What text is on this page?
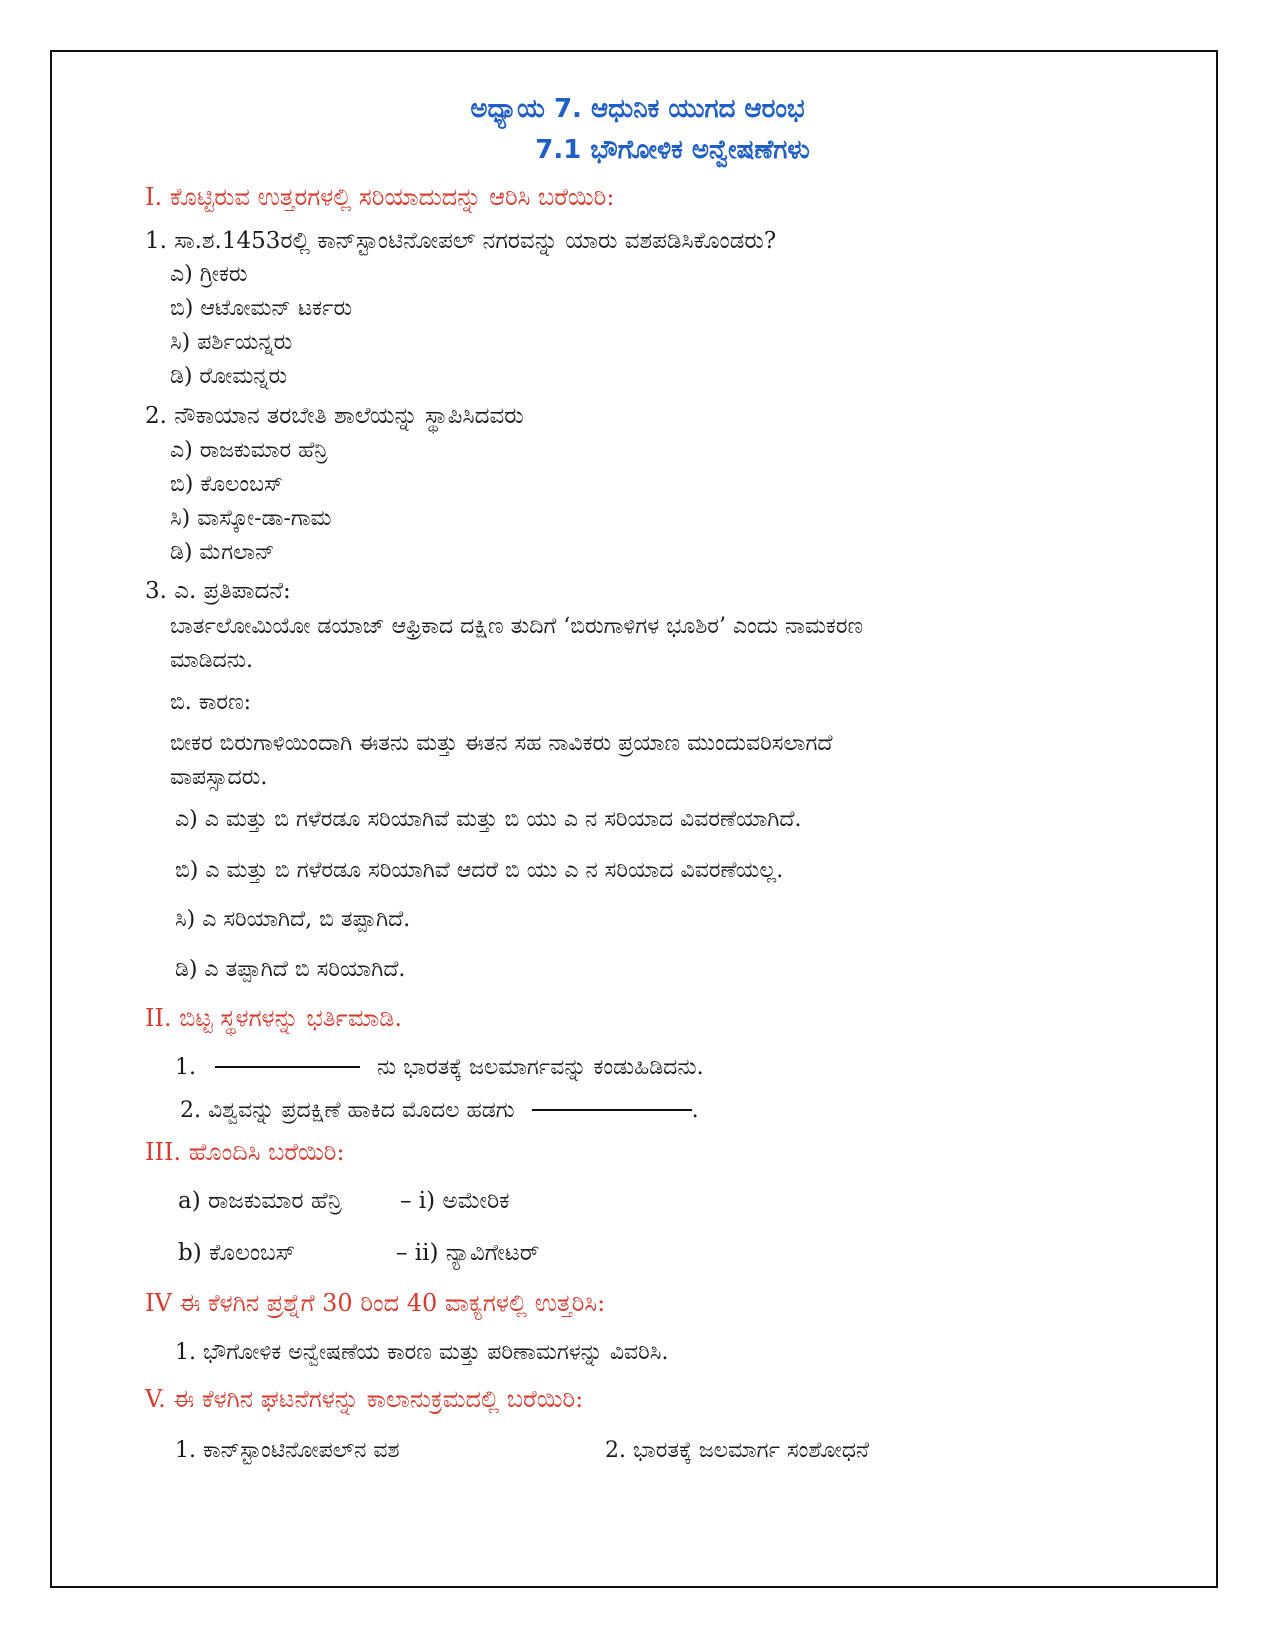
ಅಧ್ಯಾಯ 7. ಆಧುನಿಕ ಯುಗದ ಆರಂಭ
7.1 ಭೌಗೋಳಿಕ ಅನ್ವೇಷಣೆಗಳು
I. ಕೊಟ್ಟಿರುವ ಉತ್ತರಗಳಲ್ಲಿ ಸರಿಯಾದುದನ್ನು ಆರಿಸಿ ಬರೆಯಿರಿ:
1. ಸಾ.ಶ.1453ರಲ್ಲಿ ಕಾನ್‌ಸ್ಟಾಂಟಿನೋಪಲ್ ನಗರವನ್ನು ಯಾರು ವಶಪಡಿಸಿಕೊಂಡರು?
ಎ) ಗ್ರೀಕರು
ಬಿ) ಆಟೋಮನ್ ಟರ್ಕರು
ಸಿ) ಪರ್ಶಿಯನ್ನರು
ಡಿ) ರೋಮನ್ನರು
2. ನೌಕಾಯಾನ ತರಬೇತಿ ಶಾಲೆಯನ್ನು ಸ್ಥಾಪಿಸಿದವರು
ಎ) ರಾಜಕುಮಾರ ಹೆನ್ರಿ
ಬಿ) ಕೊಲಂಬಸ್
ಸಿ) ವಾಸ್ಕೋ-ಡಾ-ಗಾಮ
ಡಿ) ಮೆಗಲಾನ್
3. ಎ. ಪ್ರತಿಪಾದನೆ:
ಬಾರ್ತಲೋಮಿಯೋ ಡಯಾಜ್ ಆಫ್ರಿಕಾದ ದಕ್ಷಿಣ ತುದಿಗೆ ‘ಬಿರುಗಾಳಿಗಳ ಭೂಶಿರ’ ಎಂದು ನಾಮಕರಣ
ಮಾಡಿದನು.
ಬಿ. ಕಾರಣ:
ಬೀಕರ ಬಿರುಗಾಳಿಯಿಂದಾಗಿ ಈತನು ಮತ್ತು ಈತನ ಸಹ ನಾವಿಕರು ಪ್ರಯಾಣ ಮುಂದುವರಿಸಲಾಗದೆ
ವಾಪಸ್ಸಾದರು.
ಎ) ಎ ಮತ್ತು ಬಿ ಗಳೆರಡೂ ಸರಿಯಾಗಿವೆ ಮತ್ತು ಬಿ ಯು ಎ ನ ಸರಿಯಾದ ವಿವರಣೆಯಾಗಿದೆ.
ಬಿ) ಎ ಮತ್ತು ಬಿ ಗಳೆರಡೂ ಸರಿಯಾಗಿವೆ ಆದರೆ ಬಿ ಯು ಎ ನ ಸರಿಯಾದ ವಿವರಣೆಯಲ್ಲ.
ಸಿ) ಎ ಸರಿಯಾಗಿದೆ, ಬಿ ತಪ್ಪಾಗಿದೆ.
ಡಿ) ಎ ತಪ್ಪಾಗಿದೆ ಬಿ ಸರಿಯಾಗಿದೆ.
II. ಬಿಟ್ಟ ಸ್ಥಳಗಳನ್ನು ಭರ್ತಿಮಾಡಿ.
1.	ನು ಭಾರತಕ್ಕೆ ಜಲಮಾರ್ಗವನ್ನು ಕಂಡುಹಿಡಿದನು.
2. ವಿಶ್ವವನ್ನು ಪ್ರದಕ್ಷಿಣೆ ಹಾಕಿದ ಮೊದಲ ಹಡಗು	.
III. ಹೊಂದಿಸಿ ಬರೆಯಿರಿ:
a) ರಾಜಕುಮಾರ ಹೆನ್ರಿ	– i) ಅಮೇರಿಕ
b) ಕೊಲಂಬಸ್	– ii) ನ್ಯಾವಿಗೇಟರ್
IV ಈ ಕೆಳಗಿನ ಪ್ರಶ್ನೆಗೆ 30 ರಿಂದ 40 ವಾಕ್ಯಗಳಲ್ಲಿ ಉತ್ತರಿಸಿ:
1. ಭೌಗೋಳಿಕ ಅನ್ವೇಷಣೆಯ ಕಾರಣ ಮತ್ತು ಪರಿಣಾಮಗಳನ್ನು ವಿವರಿಸಿ.
V. ಈ ಕೆಳಗಿನ ಘಟನೆಗಳನ್ನು ಕಾಲಾನುಕ್ರಮದಲ್ಲಿ ಬರೆಯಿರಿ:
1. ಕಾನ್‌ಸ್ಟಾಂಟಿನೋಪಲ್‌ನ ವಶ	2. ಭಾರತಕ್ಕೆ ಜಲಮಾರ್ಗ ಸಂಶೋಧನೆ
